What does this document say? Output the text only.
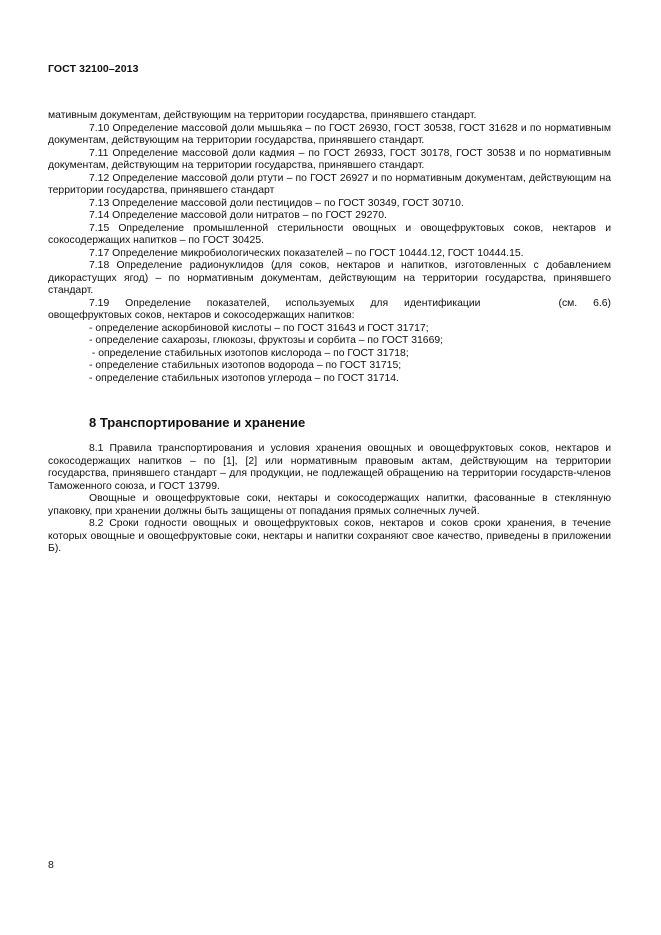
ГОСТ 32100–2013

мативным документам, действующим на территории государства, принявшего стандарт.

7.10 Определение массовой доли мышьяка – по ГОСТ 26930, ГОСТ 30538, ГОСТ 31628 и по нормативным документам, действующим на территории государства, принявшего стандарт.

7.11 Определение массовой доли кадмия – по ГОСТ 26933, ГОСТ 30178, ГОСТ 30538 и по нормативным документам, действующим на территории государства, принявшего стандарт.

7.12 Определение массовой доли ртути – по ГОСТ 26927 и по нормативным документам, действующим на территории государства, принявшего стандарт

7.13 Определение массовой доли пестицидов – по ГОСТ 30349, ГОСТ 30710.

7.14 Определение массовой доли нитратов – по ГОСТ 29270.

7.15 Определение промышленной стерильности овощных и овощефруктовых соков, нектаров и сокосодержащих напитков – по ГОСТ 30425.

7.17 Определение микробиологических показателей – по ГОСТ 10444.12, ГОСТ 10444.15.

7.18 Определение радионуклидов (для соков, нектаров и напитков, изготовленных с добавлением дикорастущих ягод) – по нормативным документам, действующим на территории государства, принявшего стандарт.

7.19 Определение показателей, используемых для идентификации	(см. 6.6) овощефруктовых соков, нектаров и сокосодержащих напитков:

- определение аскорбиновой кислоты – по ГОСТ 31643 и ГОСТ 31717;

- определение сахарозы, глюкозы, фруктозы и сорбита – по ГОСТ 31669;

- определение стабильных изотопов кислорода – по ГОСТ 31718;

- определение стабильных изотопов водорода – по ГОСТ 31715;

- определение стабильных изотопов углерода – по ГОСТ 31714.

8 Транспортирование и хранение

8.1 Правила транспортирования и условия хранения овощных и овощефруктовых соков, нектаров и сокосодержащих напитков – по [1], [2] или нормативным правовым актам, действующим на территории государства, принявшего стандарт – для продукции, не подлежащей обращению на территории государств-членов Таможенного союза, и ГОСТ 13799.

Овощные и овощефруктовые соки, нектары и сокосодержащих напитки, фасованные в стеклянную упаковку, при хранении должны быть защищены от попадания прямых солнечных лучей.

8.2 Сроки годности овощных и овощефруктовых соков, нектаров и соков сроки хранения, в течение которых овощные и овощефруктовые соки, нектары и напитки сохраняют свое качество, приведены в приложении Б).

8
